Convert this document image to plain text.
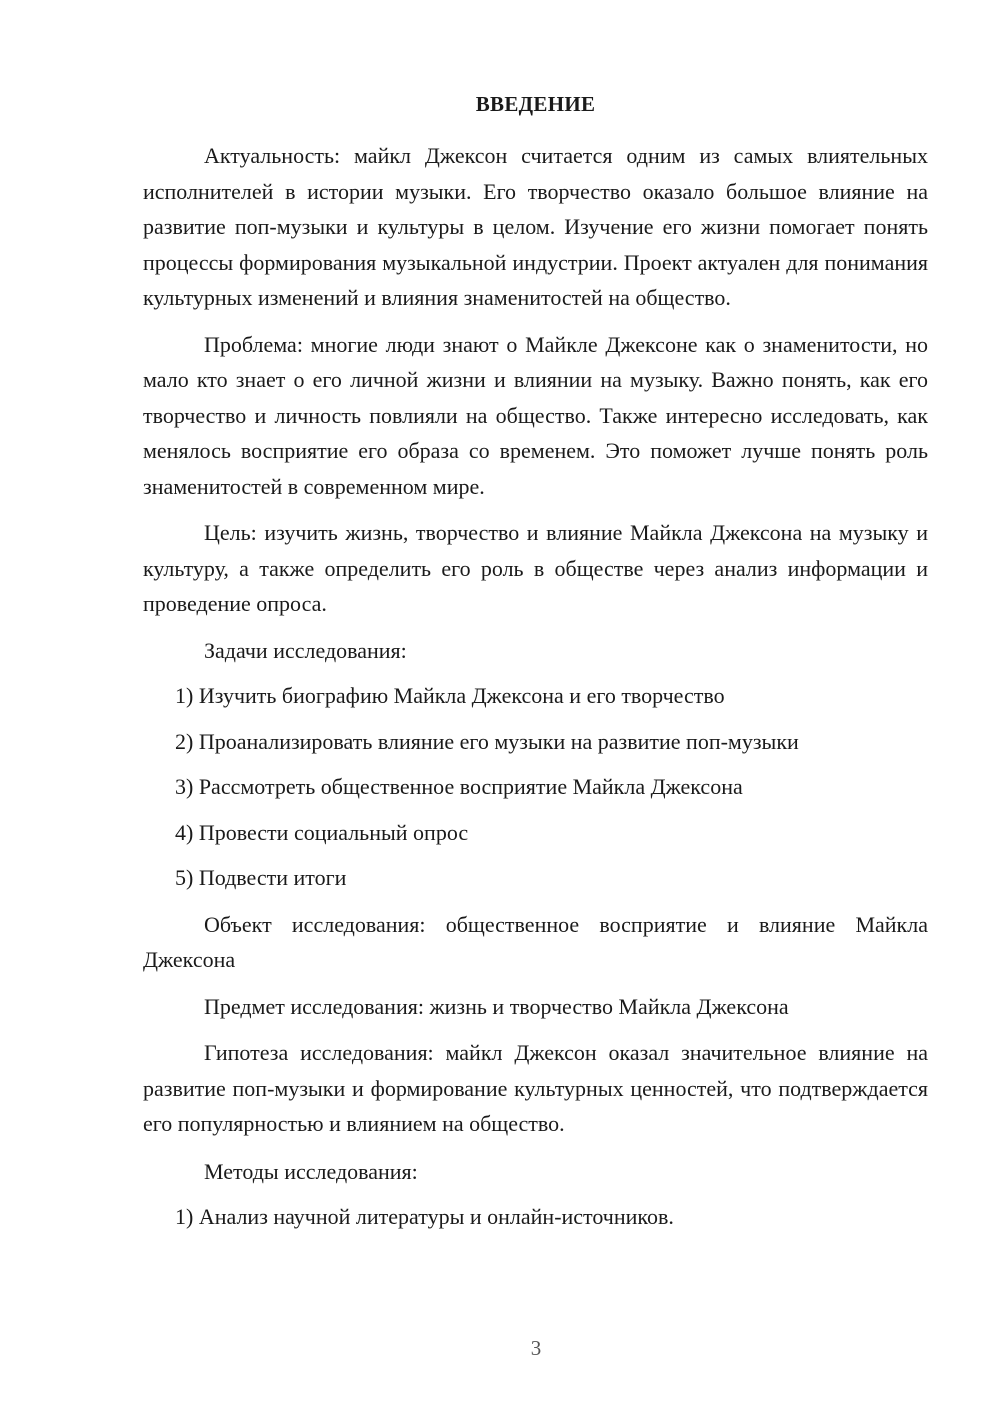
ВВЕДЕНИЕ

Актуальность: майкл Джексон считается одним из самых влиятельных исполнителей в истории музыки. Его творчество оказало большое влияние на развитие поп-музыки и культуры в целом. Изучение его жизни помогает понять процессы формирования музыкальной индустрии. Проект актуален для понимания культурных изменений и влияния знаменитостей на общество.

Проблема: многие люди знают о Майкле Джексоне как о знаменитости, но мало кто знает о его личной жизни и влиянии на музыку. Важно понять, как его творчество и личность повлияли на общество. Также интересно исследовать, как менялось восприятие его образа со временем. Это поможет лучше понять роль знаменитостей в современном мире.

Цель: изучить жизнь, творчество и влияние Майкла Джексона на музыку и культуру, а также определить его роль в обществе через анализ информации и проведение опроса.

Задачи исследования:

1) Изучить биографию Майкла Джексона и его творчество

2) Проанализировать влияние его музыки на развитие поп-музыки

3) Рассмотреть общественное восприятие Майкла Джексона

4) Провести социальный опрос

5) Подвести итоги

Объект исследования: общественное восприятие и влияние Майкла Джексона

Предмет исследования: жизнь и творчество Майкла Джексона

Гипотеза исследования: майкл Джексон оказал значительное влияние на развитие поп-музыки и формирование культурных ценностей, что подтверждается его популярностью и влиянием на общество.

Методы исследования:

1) Анализ научной литературы и онлайн-источников.

3
